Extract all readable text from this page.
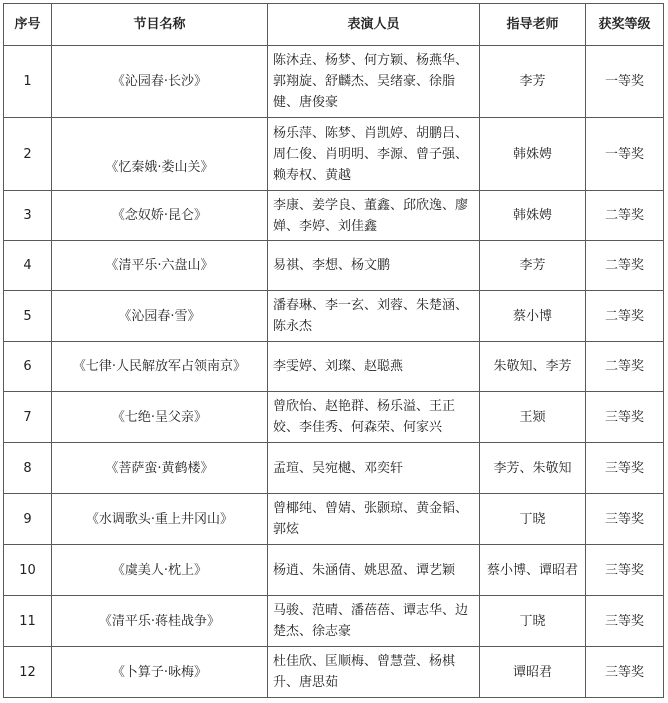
序号	节目名称	表演人员	指导老师	获奖等级
1	《沁园春·长沙》	陈沐垚、杨梦、何方颖、杨燕华、郭翔旋、舒麟杰、吴绪豪、徐脂健、唐俊豪	李芳	一等奖
2	《忆秦娥·娄山关》	杨乐萍、陈梦、肖凯婷、胡鹏吕、周仁俊、肖明明、李源、曾子强、赖寿权、黄越	韩姝娉	一等奖
3	《念奴娇·昆仑》	李康、姜学良、董鑫、邱欣逸、廖婵、李婷、刘佳鑫	韩姝娉	二等奖
4	《清平乐·六盘山》	易祺、李想、杨文鹏	李芳	二等奖
5	《沁园春·雪》	潘春琳、李一玄、刘蓉、朱楚涵、陈永杰	蔡小博	二等奖
6	《七律·人民解放军占领南京》	李雯婷、刘璨、赵聪燕	朱敬知、李芳	二等奖
7	《七绝·呈父亲》	曾欣怡、赵艳群、杨乐溢、王正姣、李佳秀、何森荣、何家兴	王颎	三等奖
8	《菩萨蛮·黄鹤楼》	孟瑄、吴宛樾、邓奕轩	李芳、朱敬知	三等奖
9	《水调歌头·重上井冈山》	曾椰纯、曾婧、张颢琼、黄金韬、郭炫	丁晓	三等奖
10	《虞美人·枕上》	杨逍、朱涵倩、姚思盈、谭艺颖	蔡小博、谭昭君	三等奖
11	《清平乐·蒋桂战争》	马骏、范晴、潘蓓蓓、谭志华、边楚杰、徐志豪	丁晓	三等奖
12	《卜算子·咏梅》	杜佳欣、匡顺梅、曾慧萱、杨棋升、唐思茹	谭昭君	三等奖
